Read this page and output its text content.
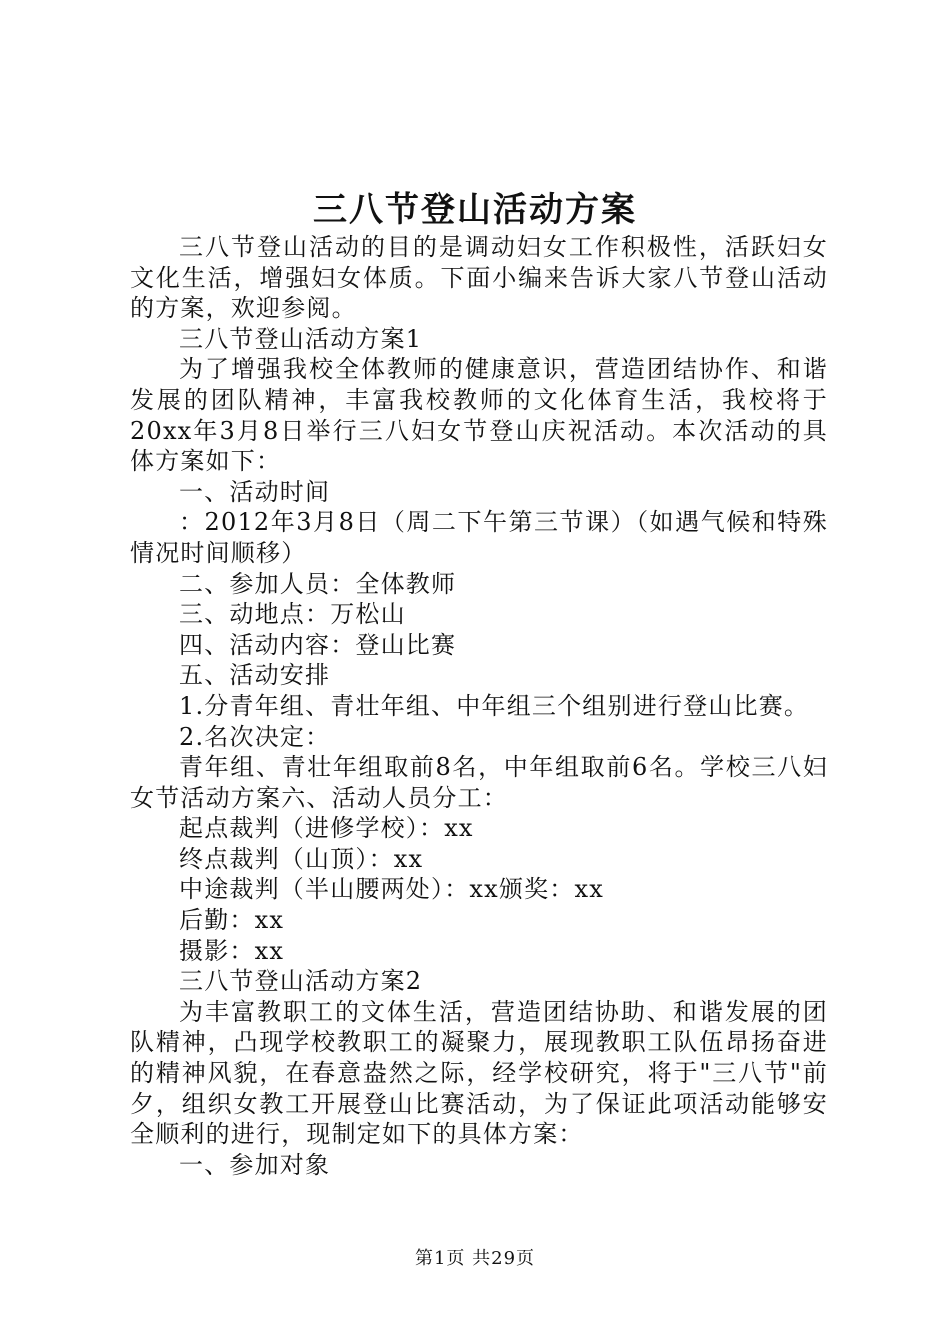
三八节登山活动方案

三八节登山活动的目的是调动妇女工作积极性，活跃妇女文化生活，增强妇女体质。下面小编来告诉大家八节登山活动的方案，欢迎参阅。

三八节登山活动方案1

为了增强我校全体教师的健康意识，营造团结协作、和谐发展的团队精神，丰富我校教师的文化体育生活，我校将于20xx年3月8日举行三八妇女节登山庆祝活动。本次活动的具体方案如下：

一、活动时间

：2012年3月8日（周二下午第三节课）（如遇气候和特殊情况时间顺移）

二、参加人员：全体教师

三、动地点：万松山

四、活动内容：登山比赛

五、活动安排

1.分青年组、青壮年组、中年组三个组别进行登山比赛。

2.名次决定：

青年组、青壮年组取前8名，中年组取前6名。学校三八妇女节活动方案六、活动人员分工：

起点裁判（进修学校）：xx

终点裁判（山顶）：xx

中途裁判（半山腰两处）：xx颁奖：xx

后勤：xx

摄影：xx

三八节登山活动方案2

为丰富教职工的文体生活，营造团结协助、和谐发展的团队精神，凸现学校教职工的凝聚力，展现教职工队伍昂扬奋进的精神风貌，在春意盎然之际，经学校研究，将于"三八节"前夕，组织女教工开展登山比赛活动，为了保证此项活动能够安全顺利的进行，现制定如下的具体方案：

一、参加对象

第1页 共29页
